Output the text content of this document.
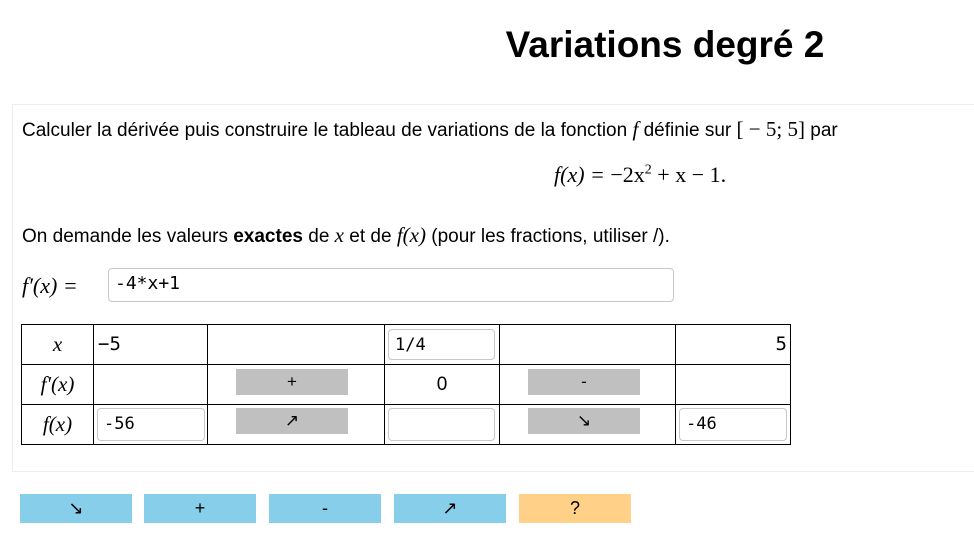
Variations degré 2
Calculer la dérivée puis construire le tableau de variations de la fonction f définie sur [ − 5; 5] par
$f(x) = -2x^2 + x - 1$.
On demande les valeurs exactes de x et de f(x) (pour les fractions, utiliser /).
f′(x) =	-4*x+1
x	−5		1/4		5

f′(x)		+	0	-	

f(x)	-56	↗		↘	-46
↘	+	-	↗	?
